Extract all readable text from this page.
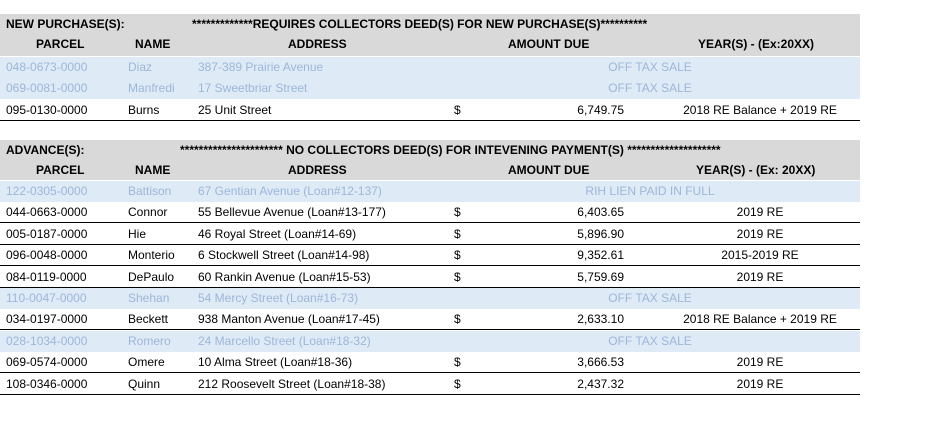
NEW PURCHASE(S):	*************REQUIRES COLLECTORS DEED(S) FOR NEW PURCHASE(S)**********
PARCEL	NAME	ADDRESS	AMOUNT DUE	YEAR(S) - (Ex:20XX)
048-0673-0000	Diaz	387-389 Prairie Avenue	OFF TAX SALE
069-0081-0000	Manfredi 17 Sweetbriar Street	OFF TAX SALE
095-0130-0000	Burns	25 Unit Street	$	6,749.75	2018 RE Balance + 2019 RE
ADVANCE(S):	********************** NO COLLECTORS DEED(S) FOR INTEVENING PAYMENT(S) ********************
PARCEL	NAME	ADDRESS	AMOUNT DUE	YEAR(S) - (Ex: 20XX)
122-0305-0000	Battison 67 Gentian Avenue (Loan#12-137)	RIH LIEN PAID IN FULL
044-0663-0000	Connor	55 Bellevue Avenue (Loan#13-177)	$	6,403.65	2019 RE
005-0187-0000	Hie	46 Royal Street (Loan#14-69)	$	5,896.90	2019 RE
096-0048-0000	Monterio 6 Stockwell Street (Loan#14-98)	$	9,352.61	2015-2019 RE
084-0119-0000	DePaulo 60 Rankin Avenue (Loan#15-53)	$	5,759.69	2019 RE
110-0047-0000	Shehan 54 Mercy Street (Loan#16-73)	OFF TAX SALE
034-0197-0000	Beckett 938 Manton Avenue (Loan#17-45)	$	2,633.10	2018 RE Balance + 2019 RE
028-1034-0000	Romero 24 Marcello Street (Loan#18-32)	OFF TAX SALE
069-0574-0000	Omere	10 Alma Street (Loan#18-36)	$	3,666.53	2019 RE
108-0346-0000	Quinn	212 Roosevelt Street (Loan#18-38)	$	2,437.32	2019 RE
